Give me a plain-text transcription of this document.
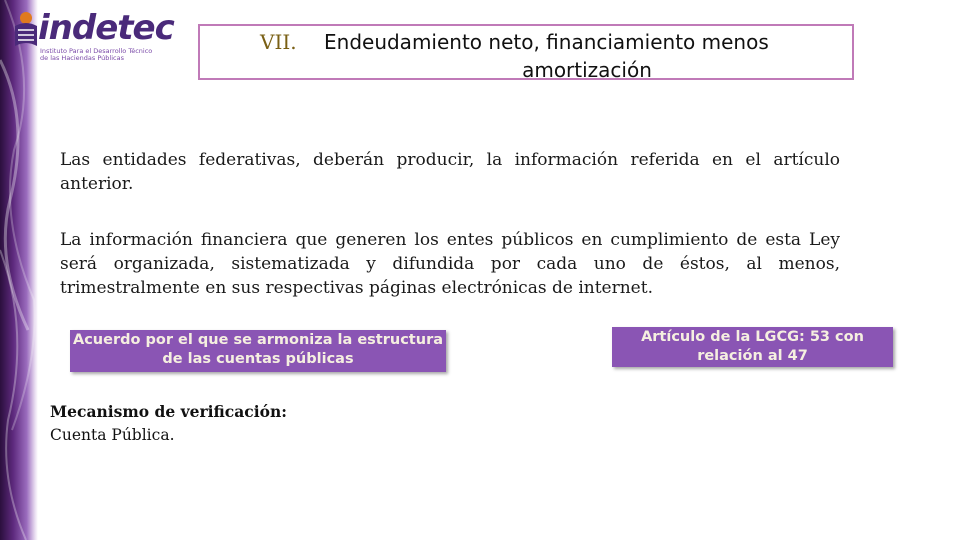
indetec
Instituto Para el Desarrollo Técnico
de las Haciendas Públicas
VII. Endeudamiento neto, financiamiento menos
amortización
Las entidades federativas, deberán producir, la información referida en el artículo anterior.
La información financiera que generen los entes públicos en cumplimiento de esta Ley será organizada, sistematizada y difundida por cada uno de éstos, al menos, trimestralmente en sus respectivas páginas electrónicas de internet.
Acuerdo por el que se armoniza la estructura de las cuentas públicas
Artículo de la LGCG: 53 con relación al 47
Mecanismo de verificación:
Cuenta Pública.
